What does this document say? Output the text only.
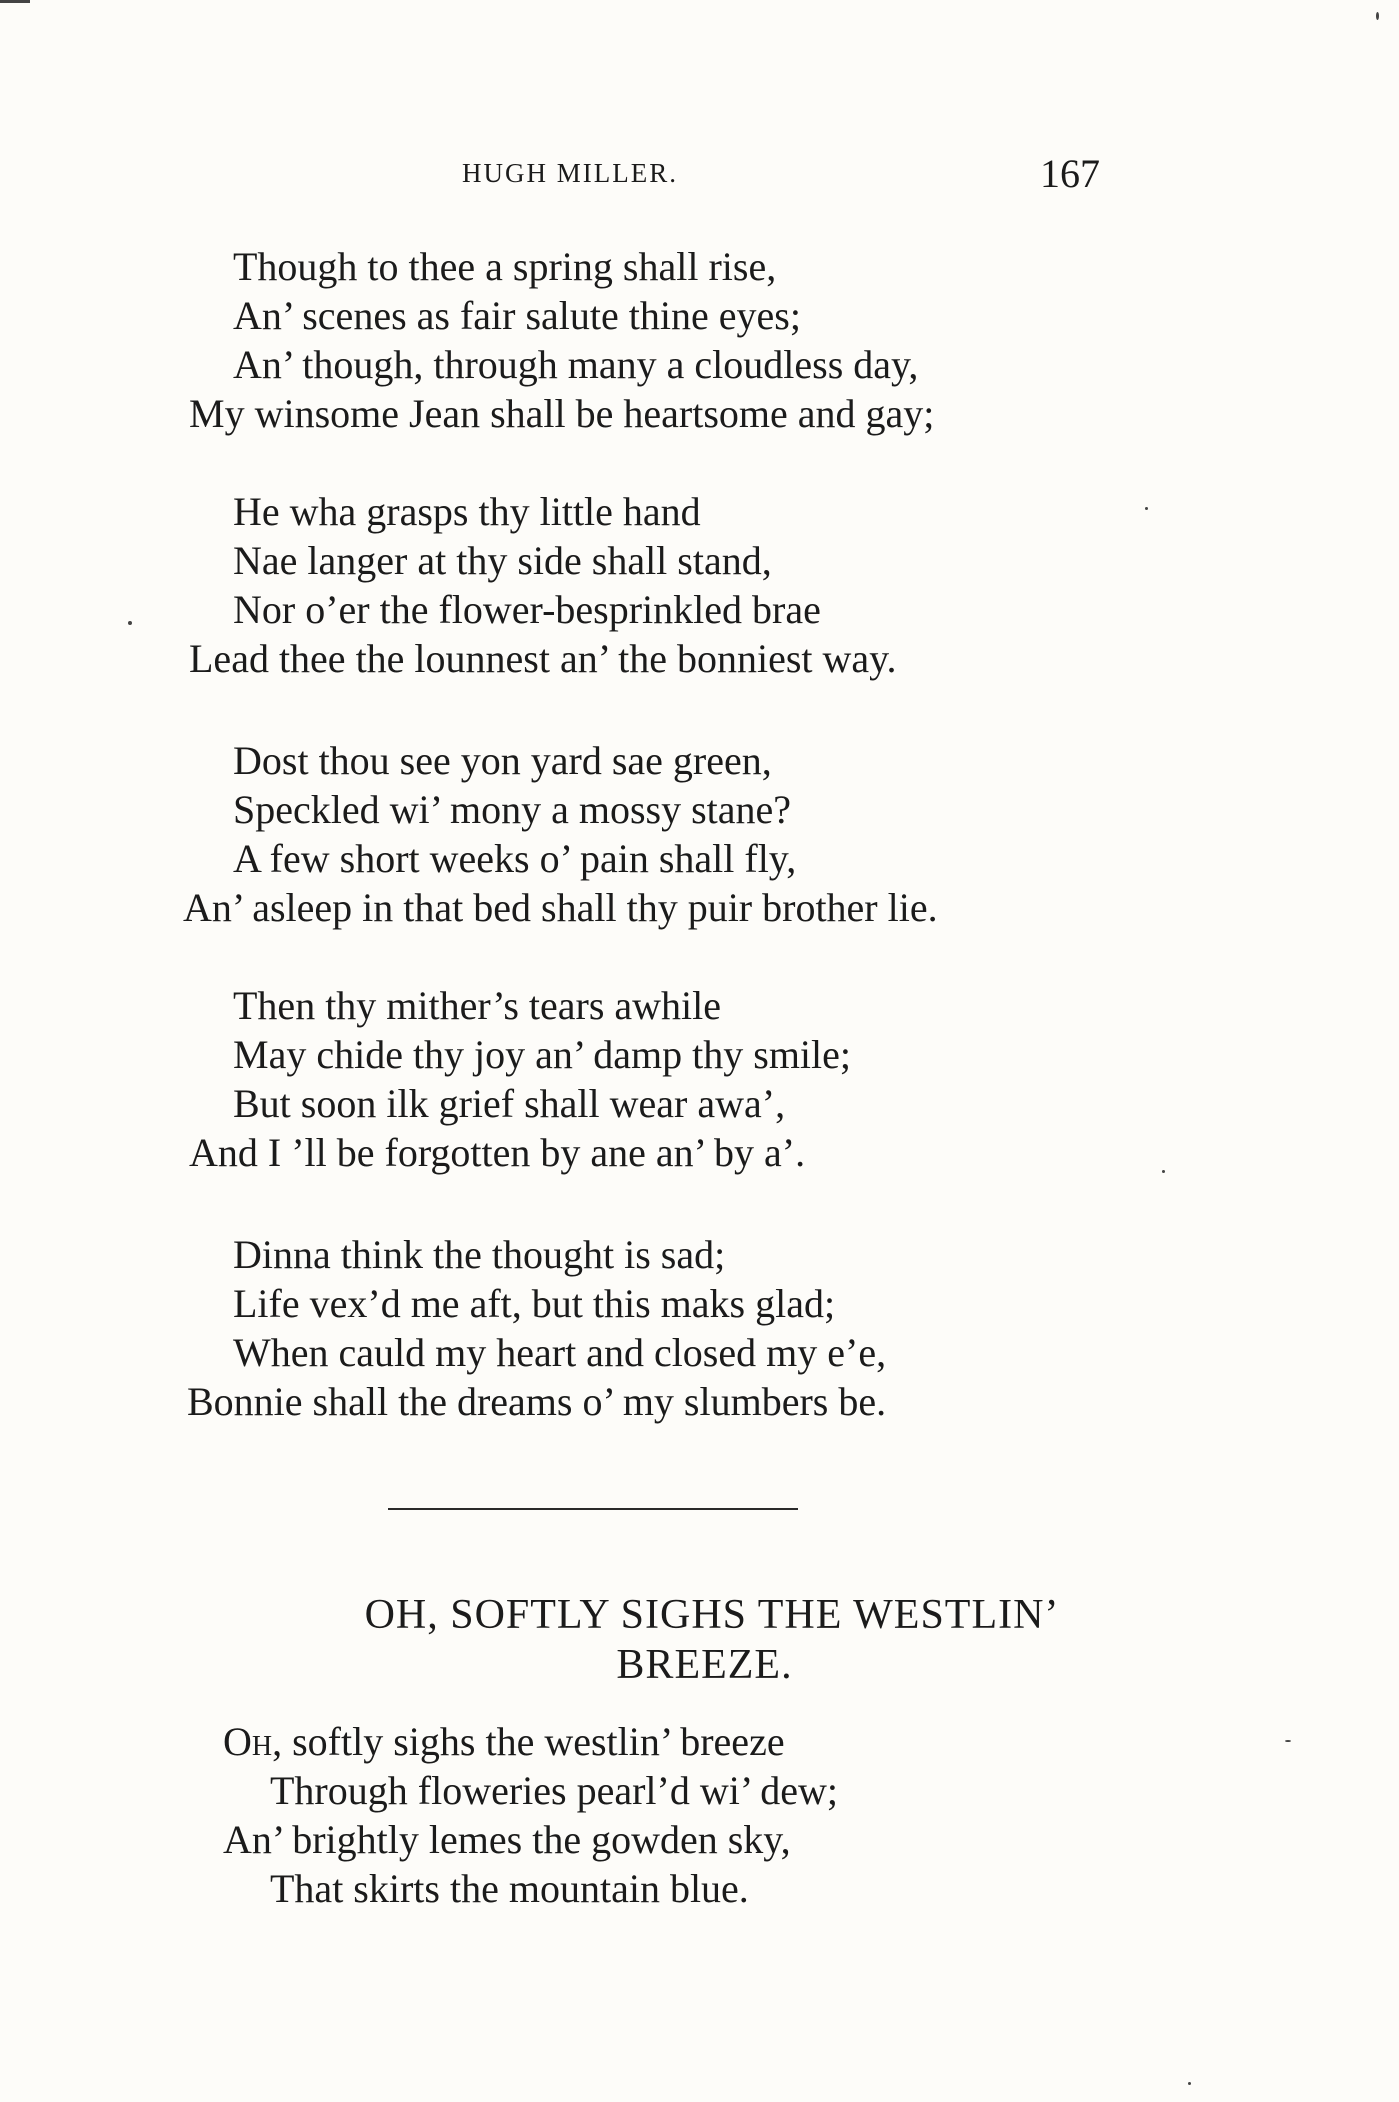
HUGH MILLER.	167
Though to thee a spring shall rise,
An’ scenes as fair salute thine eyes;
An’ though, through many a cloudless day,
My winsome Jean shall be heartsome and gay;
He wha grasps thy little hand
Nae langer at thy side shall stand,
Nor o’er the flower-besprinkled brae
Lead thee the lounnest an’ the bonniest way.
Dost thou see yon yard sae green,
Speckled wi’ mony a mossy stane?
A few short weeks o’ pain shall fly,
An’ asleep in that bed shall thy puir brother lie.
Then thy mither’s tears awhile
May chide thy joy an’ damp thy smile;
But soon ilk grief shall wear awa’,
And I ’ll be forgotten by ane an’ by a’.
Dinna think the thought is sad;
Life vex’d me aft, but this maks glad;
When cauld my heart and closed my e’e,
Bonnie shall the dreams o’ my slumbers be.
OH, SOFTLY SIGHS THE WESTLIN’
BREEZE.
Oh, softly sighs the westlin’ breeze
Through floweries pearl’d wi’ dew;
An’ brightly lemes the gowden sky,
That skirts the mountain blue.
